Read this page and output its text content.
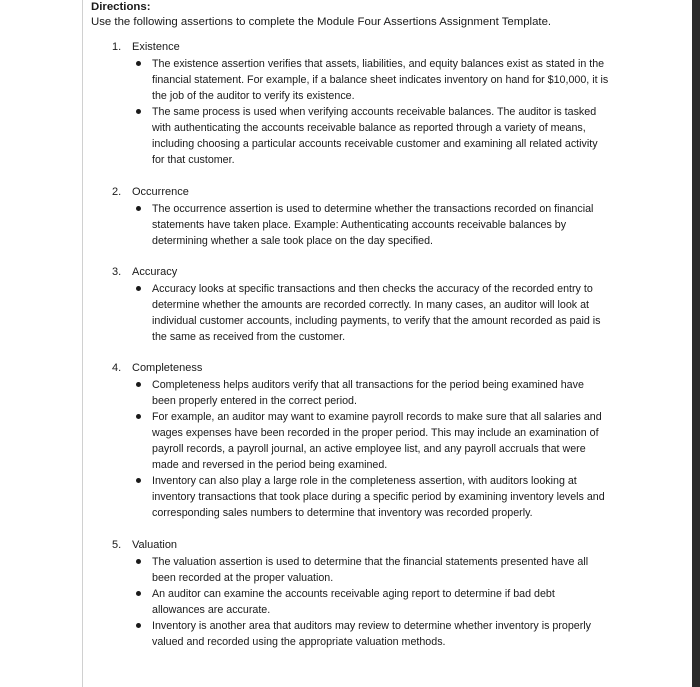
Directions:
Use the following assertions to complete the Module Four Assertions Assignment Template.
1. Existence
The existence assertion verifies that assets, liabilities, and equity balances exist as stated in the financial statement. For example, if a balance sheet indicates inventory on hand for $10,000, it is the job of the auditor to verify its existence.
The same process is used when verifying accounts receivable balances. The auditor is tasked with authenticating the accounts receivable balance as reported through a variety of means, including choosing a particular accounts receivable customer and examining all related activity for that customer.
2. Occurrence
The occurrence assertion is used to determine whether the transactions recorded on financial statements have taken place. Example: Authenticating accounts receivable balances by determining whether a sale took place on the day specified.
3. Accuracy
Accuracy looks at specific transactions and then checks the accuracy of the recorded entry to determine whether the amounts are recorded correctly. In many cases, an auditor will look at individual customer accounts, including payments, to verify that the amount recorded as paid is the same as received from the customer.
4. Completeness
Completeness helps auditors verify that all transactions for the period being examined have been properly entered in the correct period.
For example, an auditor may want to examine payroll records to make sure that all salaries and wages expenses have been recorded in the proper period. This may include an examination of payroll records, a payroll journal, an active employee list, and any payroll accruals that were made and reversed in the period being examined.
Inventory can also play a large role in the completeness assertion, with auditors looking at inventory transactions that took place during a specific period by examining inventory levels and corresponding sales numbers to determine that inventory was recorded properly.
5. Valuation
The valuation assertion is used to determine that the financial statements presented have all been recorded at the proper valuation.
An auditor can examine the accounts receivable aging report to determine if bad debt allowances are accurate.
Inventory is another area that auditors may review to determine whether inventory is properly valued and recorded using the appropriate valuation methods.
